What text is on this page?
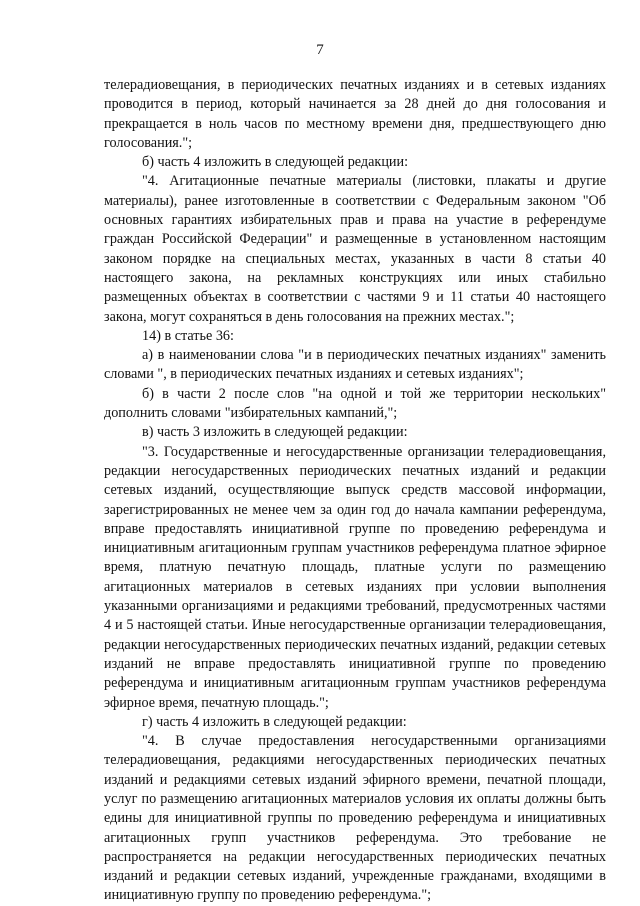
7

телерадиовещания, в периодических печатных изданиях и в сетевых изданиях проводится в период, который начинается за 28 дней до дня голосования и прекращается в ноль часов по местному времени дня, предшествующего дню голосования.";

б) часть 4 изложить в следующей редакции:

"4. Агитационные печатные материалы (листовки, плакаты и другие материалы), ранее изготовленные в соответствии с Федеральным законом "Об основных гарантиях избирательных прав и права на участие в референдуме граждан Российской Федерации" и размещенные в установленном настоящим законом порядке на специальных местах, указанных в части 8 статьи 40 настоящего закона, на рекламных конструкциях или иных стабильно размещенных объектах в соответствии с частями 9 и 11 статьи 40 настоящего закона, могут сохраняться в день голосования на прежних местах.";

14) в статье 36:

а) в наименовании слова "и в периодических печатных изданиях" заменить словами ", в периодических печатных изданиях и сетевых изданиях";

б) в части 2 после слов "на одной и той же территории нескольких" дополнить словами "избирательных кампаний,";

в) часть 3 изложить в следующей редакции:

"3. Государственные и негосударственные организации телерадиовещания, редакции негосударственных периодических печатных изданий и редакции сетевых изданий, осуществляющие выпуск средств массовой информации, зарегистрированных не менее чем за один год до начала кампании референдума, вправе предоставлять инициативной группе по проведению референдума и инициативным агитационным группам участников референдума платное эфирное время, платную печатную площадь, платные услуги по размещению агитационных материалов в сетевых изданиях при условии выполнения указанными организациями и редакциями требований, предусмотренных частями 4 и 5 настоящей статьи. Иные негосударственные организации телерадиовещания, редакции негосударственных периодических печатных изданий, редакции сетевых изданий не вправе предоставлять инициативной группе по проведению референдума и инициативным агитационным группам участников референдума эфирное время, печатную площадь.";

г) часть 4 изложить в следующей редакции:

"4. В случае предоставления негосударственными организациями телерадиовещания, редакциями негосударственных периодических печатных изданий и редакциями сетевых изданий эфирного времени, печатной площади, услуг по размещению агитационных материалов условия их оплаты должны быть едины для инициативной группы по проведению референдума и инициативных агитационных групп участников референдума. Это требование не распространяется на редакции негосударственных периодических печатных изданий и редакции сетевых изданий, учрежденные гражданами, входящими в инициативную группу по проведению референдума.";
